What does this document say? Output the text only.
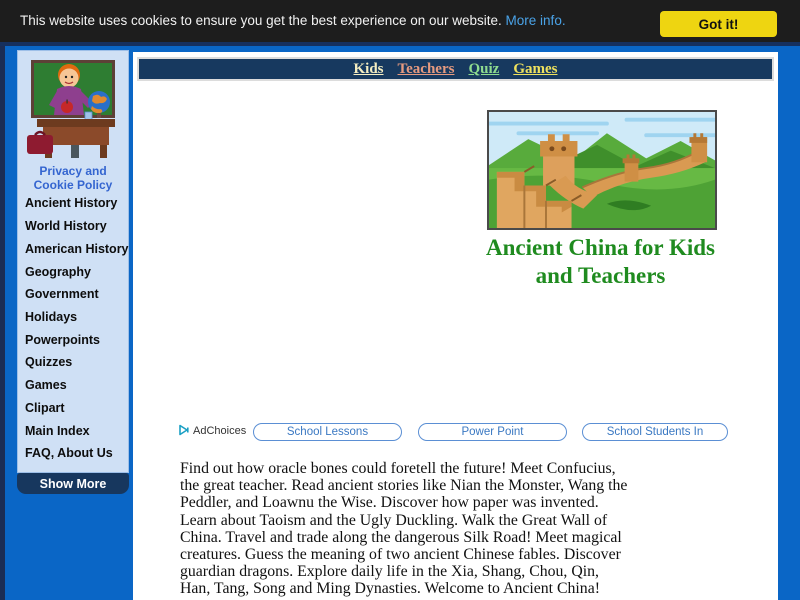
This website uses cookies to ensure you get the best experience on our website. More info.	Got it!
Privacy and
Cookie Policy
Ancient History
World History
American History
Geography
Government
Holidays
Powerpoints
Quizzes
Games
Clipart
Main Index
FAQ, About Us
Show More
Kids Teachers Quiz Games
Ancient China for Kids
and Teachers
AdChoices	School Lessons	Power Point	School Students In
Find out how oracle bones could foretell the future! Meet Confucius, the great teacher. Read ancient stories like Nian the Monster, Wang the Peddler, and Loawnu the Wise. Discover how paper was invented. Learn about Taoism and the Ugly Duckling. Walk the Great Wall of China. Travel and trade along the dangerous Silk Road! Meet magical creatures. Guess the meaning of two ancient Chinese fables. Discover guardian dragons. Explore daily life in the Xia, Shang, Chou, Qin, Han, Tang, Song and Ming Dynasties. Welcome to Ancient China!
